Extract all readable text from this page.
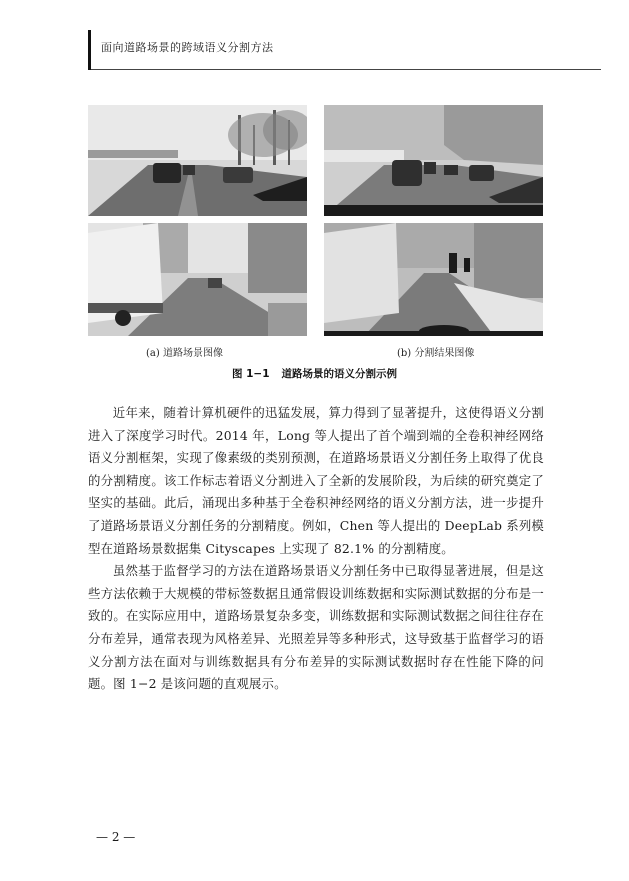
面向道路场景的跨域语义分割方法
(a) 道路场景图像	(b) 分割结果图像
图 1−1 道路场景的语义分割示例

近年来，随着计算机硬件的迅猛发展，算力得到了显著提升，这使得语义分割进入了深度学习时代。2014 年，Long 等人提出了首个端到端的全卷积神经网络语义分割框架，实现了像素级的类别预测，在道路场景语义分割任务上取得了优良的分割精度。该工作标志着语义分割进入了全新的发展阶段，为后续的研究奠定了坚实的基础。此后，涌现出多种基于全卷积神经网络的语义分割方法，进一步提升了道路场景语义分割任务的分割精度。例如，Chen 等人提出的 DeepLab 系列模型在道路场景数据集 Cityscapes 上实现了 82.1% 的分割精度。

虽然基于监督学习的方法在道路场景语义分割任务中已取得显著进展，但是这些方法依赖于大规模的带标签数据且通常假设训练数据和实际测试数据的分布是一致的。在实际应用中，道路场景复杂多变，训练数据和实际测试数据之间往往存在分布差异，通常表现为风格差异、光照差异等多种形式，这导致基于监督学习的语义分割方法在面对与训练数据具有分布差异的实际测试数据时存在性能下降的问题。图 1−2 是该问题的直观展示。

— 2 —
